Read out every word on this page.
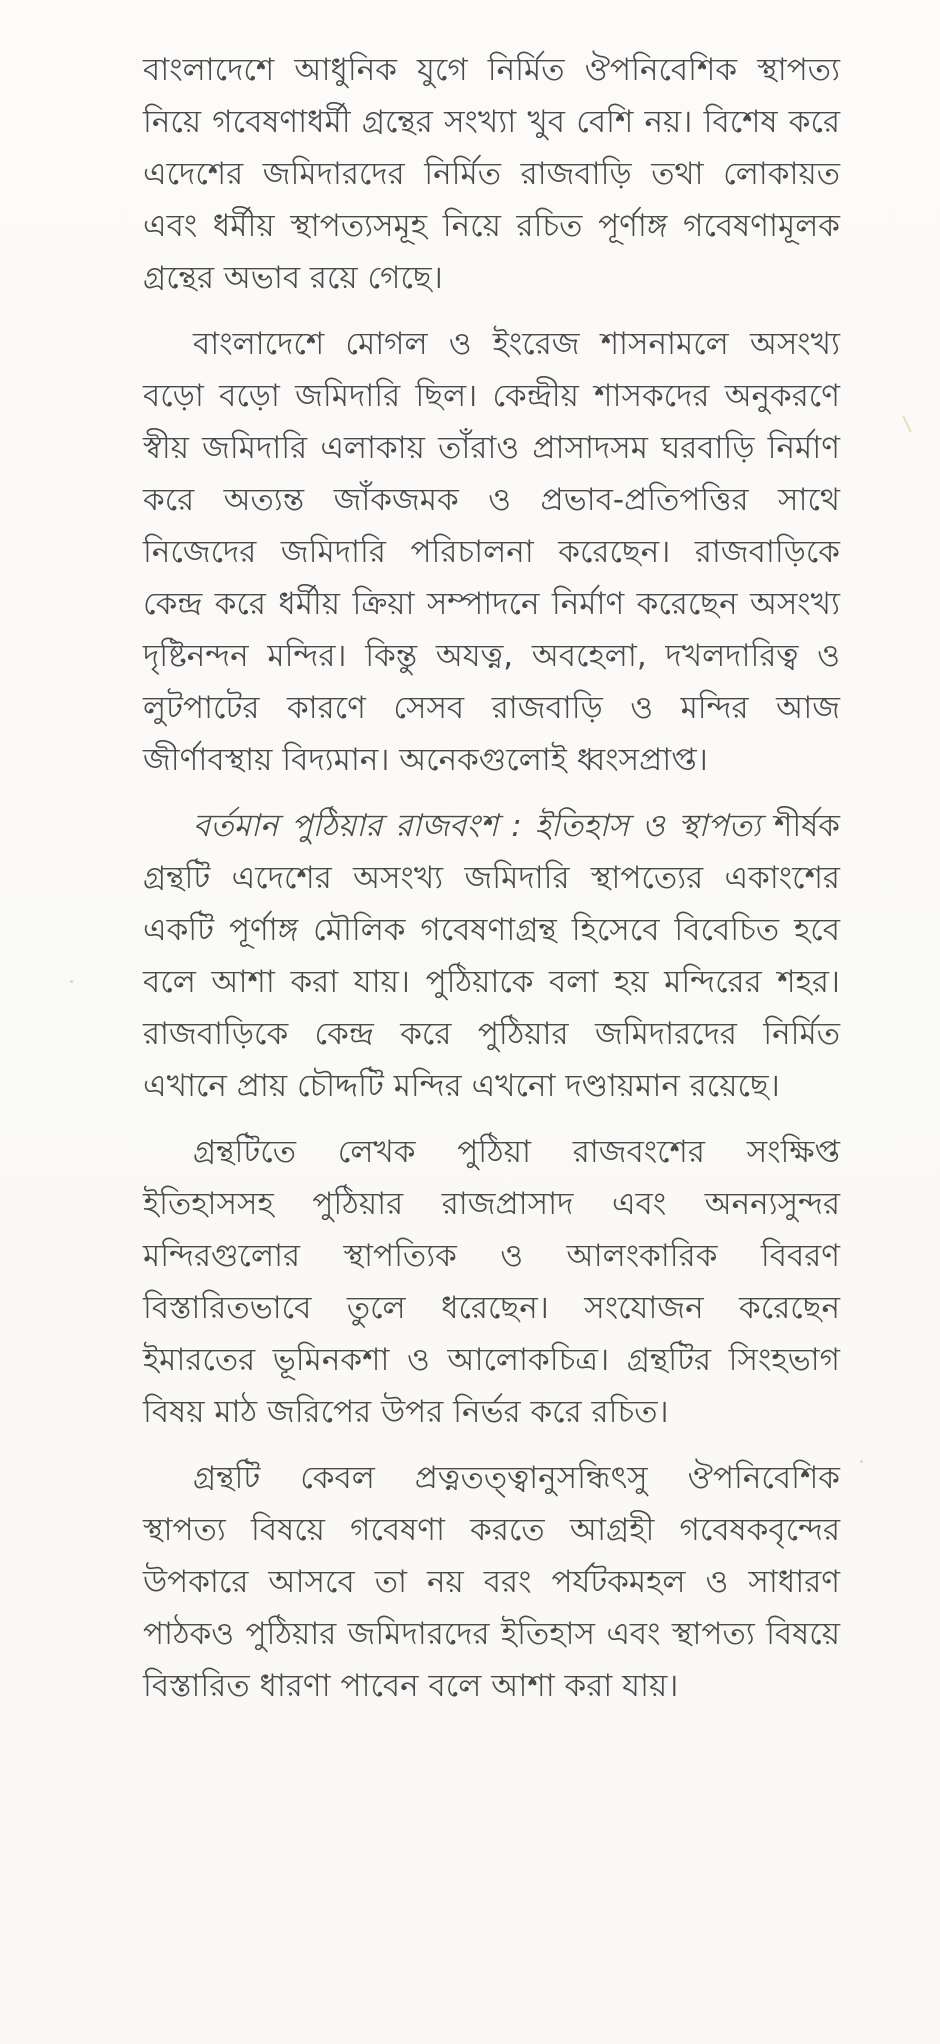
বাংলাদেশে আধুনিক যুগে নির্মিত ঔপনিবেশিক স্থাপত্য নিয়ে গবেষণাধর্মী গ্রন্থের সংখ্যা খুব বেশি নয়। বিশেষ করে এদেশের জমিদারদের নির্মিত রাজবাড়ি তথা লোকায়ত এবং ধর্মীয় স্থাপত্যসমূহ নিয়ে রচিত পূর্ণাঙ্গ গবেষণামূলক গ্রন্থের অভাব রয়ে গেছে।

বাংলাদেশে মোগল ও ইংরেজ শাসনামলে অসংখ্য বড়ো বড়ো জমিদারি ছিল। কেন্দ্রীয় শাসকদের অনুকরণে স্বীয় জমিদারি এলাকায় তাঁরাও প্রাসাদসম ঘরবাড়ি নির্মাণ করে অত্যন্ত জাঁকজমক ও প্রভাব-প্রতিপত্তির সাথে নিজেদের জমিদারি পরিচালনা করেছেন। রাজবাড়িকে কেন্দ্র করে ধর্মীয় ক্রিয়া সম্পাদনে নির্মাণ করেছেন অসংখ্য দৃষ্টিনন্দন মন্দির। কিন্তু অযত্ন, অবহেলা, দখলদারিত্ব ও লুটপাটের কারণে সেসব রাজবাড়ি ও মন্দির আজ জীর্ণাবস্থায় বিদ্যমান। অনেকগুলোই ধ্বংসপ্রাপ্ত।

বর্তমান পুঠিয়ার রাজবংশ : ইতিহাস ও স্থাপত্য শীর্ষক গ্রন্থটি এদেশের অসংখ্য জমিদারি স্থাপত্যের একাংশের একটি পূর্ণাঙ্গ মৌলিক গবেষণাগ্রন্থ হিসেবে বিবেচিত হবে বলে আশা করা যায়। পুঠিয়াকে বলা হয় মন্দিরের শহর। রাজবাড়িকে কেন্দ্র করে পুঠিয়ার জমিদারদের নির্মিত এখানে প্রায় চৌদ্দটি মন্দির এখনো দণ্ডায়মান রয়েছে।

গ্রন্থটিতে লেখক পুঠিয়া রাজবংশের সংক্ষিপ্ত ইতিহাসসহ পুঠিয়ার রাজপ্রাসাদ এবং অনন্যসুন্দর মন্দিরগুলোর স্থাপত্যিক ও আলংকারিক বিবরণ বিস্তারিতভাবে তুলে ধরেছেন। সংযোজন করেছেন ইমারতের ভূমিনকশা ও আলোকচিত্র। গ্রন্থটির সিংহভাগ বিষয় মাঠ জরিপের উপর নির্ভর করে রচিত।

গ্রন্থটি কেবল প্রত্নতত্ত্বানুসন্ধিৎসু ঔপনিবেশিক স্থাপত্য বিষয়ে গবেষণা করতে আগ্রহী গবেষকবৃন্দের উপকারে আসবে তা নয় বরং পর্যটকমহল ও সাধারণ পাঠকও পুঠিয়ার জমিদারদের ইতিহাস এবং স্থাপত্য বিষয়ে বিস্তারিত ধারণা পাবেন বলে আশা করা যায়।
